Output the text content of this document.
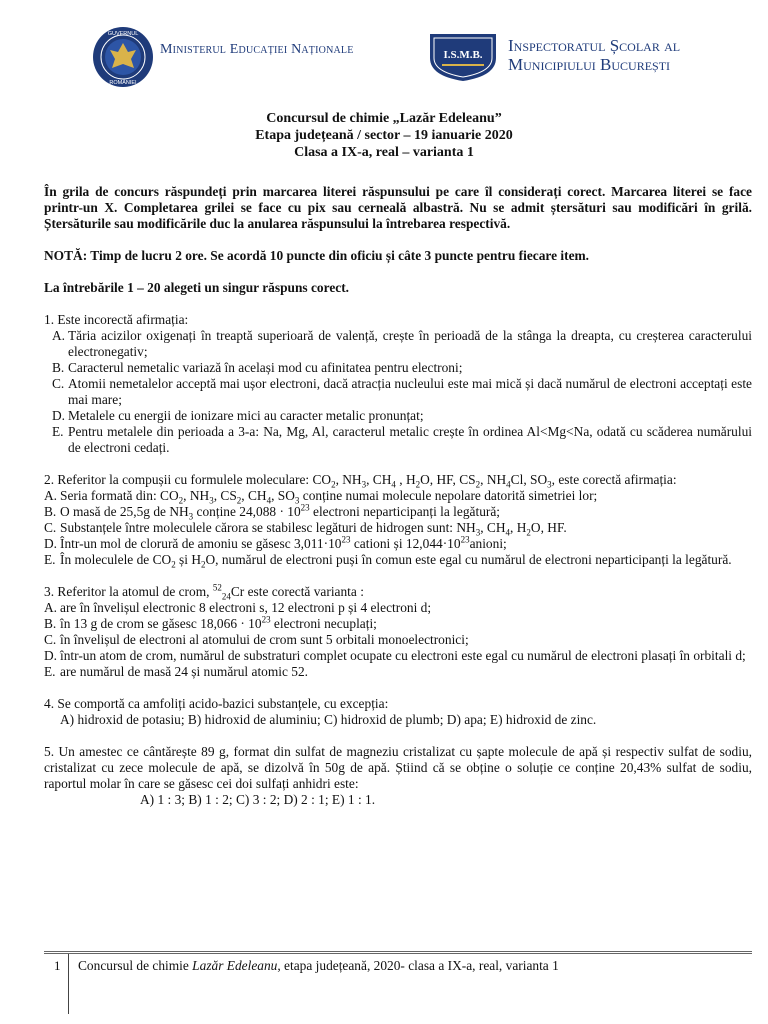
GUVERNUL
ROMÂNIEI
Ministerul Educației Naționale	I.S.M.B. Inspectoratul Școlar al
Municipiului București
Concursul de chimie „Lazăr Edeleanu”
Etapa județeană / sector – 19 ianuarie 2020
Clasa a IX-a, real – varianta 1

În grila de concurs răspundeți prin marcarea literei răspunsului pe care îl considerați corect. Marcarea literei se face printr-un X. Completarea grilei se face cu pix sau cerneală albastră. Nu se admit ștersături sau modificări în grilă. Ștersăturile sau modificările duc la anularea răspunsului la întrebarea respectivă.

NOTĂ: Timp de lucru 2 ore. Se acordă 10 puncte din oficiu și câte 3 puncte pentru fiecare item.

La întrebările 1 – 20 alegeti un singur răspuns corect.

1. Este incorectă afirmația:

A. Tăria acizilor oxigenați în treaptă superioară de valență, crește în perioadă de la stânga la dreapta, cu creșterea caracterului electronegativ;
B. Caracterul nemetalic variază în același mod cu afinitatea pentru electroni;
C. Atomii nemetalelor acceptă mai ușor electroni, dacă atracția nucleului este mai mică și dacă numărul de electroni acceptați este mai mare;
D. Metalele cu energii de ionizare mici au caracter metalic pronunțat;
E. Pentru metalele din perioada a 3-a: Na, Mg, Al, caracterul metalic crește în ordinea Al<Mg<Na, odată cu scăderea numărului de electroni cedați.

2. Referitor la compușii cu formulele moleculare: $CO_2$, $NH_3$, $CH_4$ , $H_2O$, HF, $CS_2$, $NH_4Cl$, $SO_3$, este corectă afirmația:

A. Seria formată din: $CO_2$, $NH_3$, $CS_2$, $CH_4$, $SO_3$ conține numai molecule nepolare datorită simetriei lor;
B. O masă de 25,5g de $NH_3$ conține $24,088 \cdot 10^{23}$ electroni neparticipanți la legătură;
C. Substanțele între moleculele cărora se stabilesc legături de hidrogen sunt: $NH_3$, $CH_4$, $H_2O$, HF.
D. Într-un mol de clorură de amoniu se găsesc $3,011\cdot 10^{23}$ cationi și $12,044\cdot 10^{23}anioni$;
E. În moleculele de $CO_2$ și $H_2O$, numărul de electroni puși în comun este egal cu numărul de electroni neparticipanți la legătură.

3. Referitor la atomul de crom, $^{52}_{24}$Cr este corectă varianta :

A. are în învelișul electronic 8 electroni s, 12 electroni p și 4 electroni d;
B. în 13 g de crom se găsesc $18,066 \cdot 10^{23}$ electroni necuplați;
C. în învelișul de electroni al atomului de crom sunt 5 orbitali monoelectronici;
D. într-un atom de crom, numărul de substraturi complet ocupate cu electroni este egal cu numărul de electroni plasați în orbitali d;
E. are numărul de masă 24 și numărul atomic 52.

4. Se comportă ca amfoliți acido-bazici substanțele, cu excepția:

A) hidroxid de potasiu; B) hidroxid de aluminiu; C) hidroxid de plumb; D) apa; E) hidroxid de zinc.

5. Un amestec ce cântărește 89 g, format din sulfat de magneziu cristalizat cu șapte molecule de apă și respectiv sulfat de sodiu, cristalizat cu zece molecule de apă, se dizolvă în 50g de apă. Știind că se obține o soluție ce conține 20,43% sulfat de sodiu, raportul molar în care se găsesc cei doi sulfați anhidri este:

A) 1 : 3; B) 1 : 2; C) 3 : 2; D) 2 : 1; E) 1 : 1.

1 Concursul de chimie Lazăr Edeleanu, etapa județeană, 2020- clasa a IX-a, real, varianta 1
